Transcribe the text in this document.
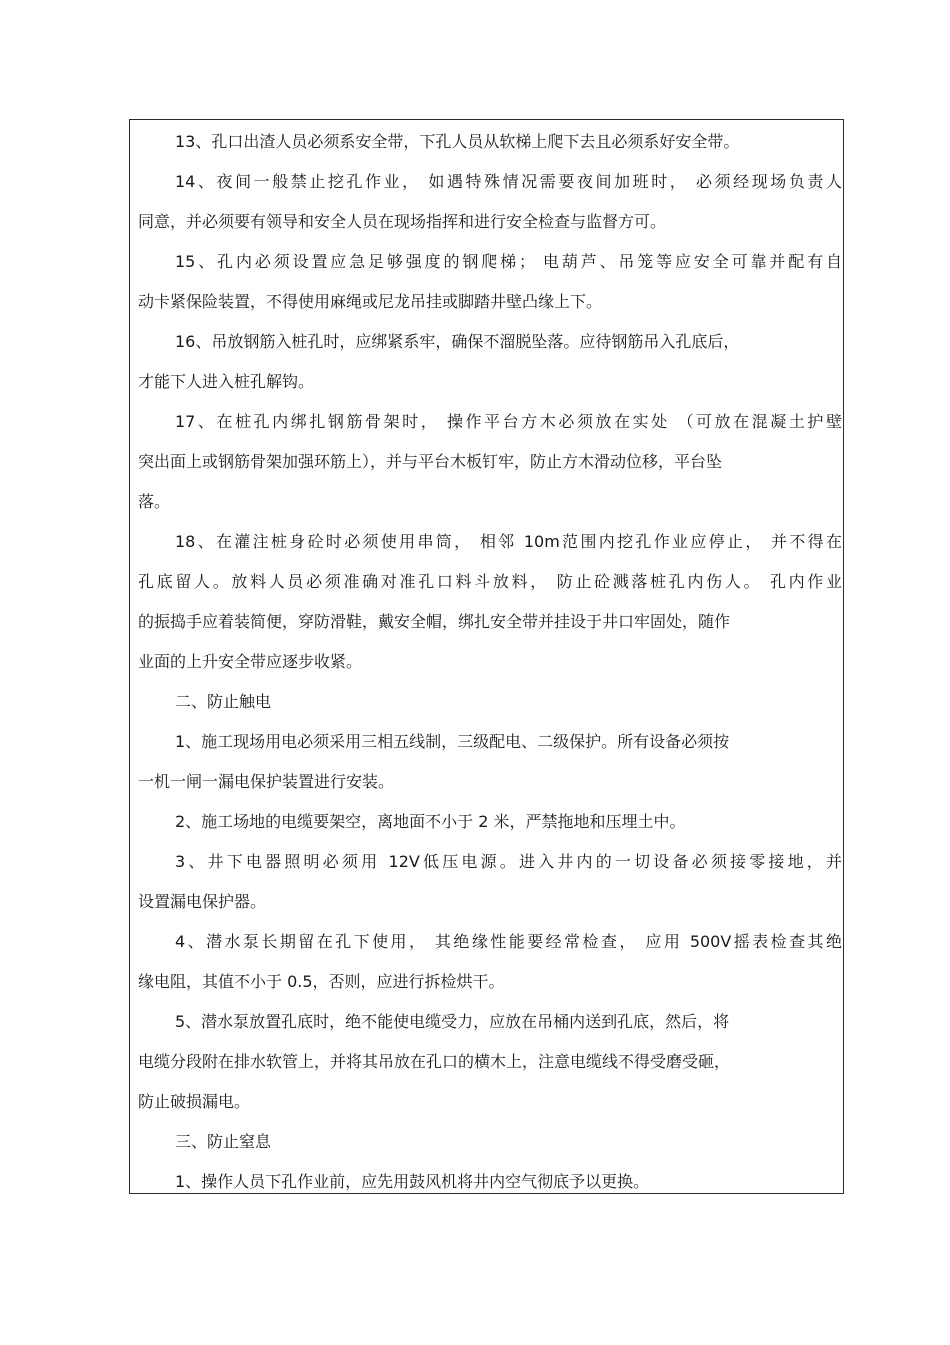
13、孔口出渣人员必须系安全带，下孔人员从软梯上爬下去且必须系好安全带。
14、夜间一般禁止挖孔作业， 如遇特殊情况需要夜间加班时， 必须经现场负责人
同意，并必须要有领导和安全人员在现场指挥和进行安全检查与监督方可。
15、孔内必须设置应急足够强度的钢爬梯； 电葫芦、吊笼等应安全可靠并配有自
动卡紧保险装置，不得使用麻绳或尼龙吊挂或脚踏井壁凸缘上下。
16、吊放钢筋入桩孔时，应绑紧系牢，确保不溜脱坠落。应待钢筋吊入孔底后，
才能下人进入桩孔解钩。
17、在桩孔内绑扎钢筋骨架时， 操作平台方木必须放在实处 （可放在混凝土护壁
突出面上或钢筋骨架加强环筋上），并与平台木板钉牢，防止方木滑动位移，平台坠
落。
18、在灌注桩身砼时必须使用串筒， 相邻 10m范围内挖孔作业应停止， 并不得在
孔底留人。放料人员必须准确对准孔口料斗放料， 防止砼溅落桩孔内伤人。 孔内作业
的振捣手应着装简便，穿防滑鞋，戴安全帽，绑扎安全带并挂设于井口牢固处，随作
业面的上升安全带应逐步收紧。
二、防止触电
1、施工现场用电必须采用三相五线制，三级配电、二级保护。所有设备必须按
一机一闸一漏电保护装置进行安装。
2、施工场地的电缆要架空，离地面不小于 2 米，严禁拖地和压埋土中。
3、井下电器照明必须用 12V低压电源。进入井内的一切设备必须接零接地，并
设置漏电保护器。
4、潜水泵长期留在孔下使用， 其绝缘性能要经常检查， 应用 500V摇表检查其绝
缘电阻，其值不小于 0.5，否则，应进行拆检烘干。
5、潜水泵放置孔底时，绝不能使电缆受力，应放在吊桶内送到孔底，然后，将
电缆分段附在排水软管上，并将其吊放在孔口的横木上，注意电缆线不得受磨受砸，
防止破损漏电。
三、防止窒息
1、操作人员下孔作业前，应先用鼓风机将井内空气彻底予以更换。
